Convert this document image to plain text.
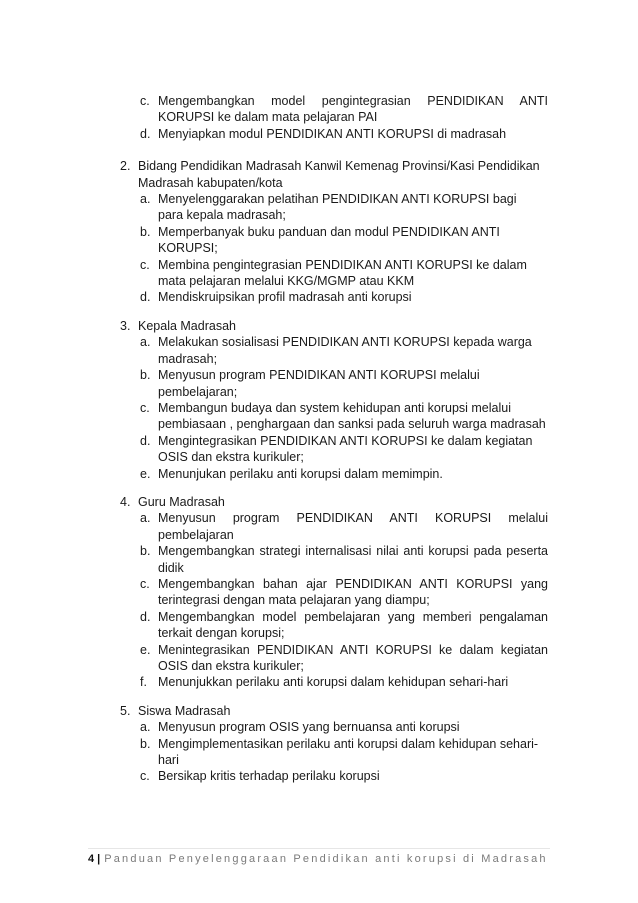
c. Mengembangkan model pengintegrasian PENDIDIKAN ANTI
KORUPSI ke dalam mata pelajaran PAI
d. Menyiapkan modul PENDIDIKAN ANTI KORUPSI di madrasah
2. Bidang Pendidikan Madrasah Kanwil Kemenag Provinsi/Kasi Pendidikan
Madrasah kabupaten/kota
a. Menyelenggarakan pelatihan PENDIDIKAN ANTI KORUPSI bagi
para kepala madrasah;
b. Memperbanyak buku panduan dan modul PENDIDIKAN ANTI
KORUPSI;
c. Membina pengintegrasian PENDIDIKAN ANTI KORUPSI ke dalam
mata pelajaran melalui KKG/MGMP atau KKM
d. Mendiskruipsikan profil madrasah anti korupsi
3. Kepala Madrasah
a. Melakukan sosialisasi PENDIDIKAN ANTI KORUPSI kepada warga
madrasah;
b. Menyusun program PENDIDIKAN ANTI KORUPSI melalui
pembelajaran;
c. Membangun budaya dan system kehidupan anti korupsi melalui
pembiasaan , penghargaan dan sanksi pada seluruh warga madrasah
d. Mengintegrasikan PENDIDIKAN ANTI KORUPSI ke dalam kegiatan
OSIS dan ekstra kurikuler;
e. Menunjukan perilaku anti korupsi dalam memimpin.
4. Guru Madrasah
a. Menyusun program PENDIDIKAN ANTI KORUPSI melalui
pembelajaran
b. Mengembangkan strategi internalisasi nilai anti korupsi pada peserta
didik
c. Mengembangkan bahan ajar PENDIDIKAN ANTI KORUPSI yang
terintegrasi dengan mata pelajaran yang diampu;
d. Mengembangkan model pembelajaran yang memberi pengalaman
terkait dengan korupsi;
e. Menintegrasikan PENDIDIKAN ANTI KORUPSI ke dalam kegiatan
OSIS dan ekstra kurikuler;
f. Menunjukkan perilaku anti korupsi dalam kehidupan sehari-hari
5. Siswa Madrasah
a. Menyusun program OSIS yang bernuansa anti korupsi
b. Mengimplementasikan perilaku anti korupsi dalam kehidupan sehari-
hari
c. Bersikap kritis terhadap perilaku korupsi
4 | Panduan Penyelenggaraan Pendidikan anti korupsi di Madrasah
